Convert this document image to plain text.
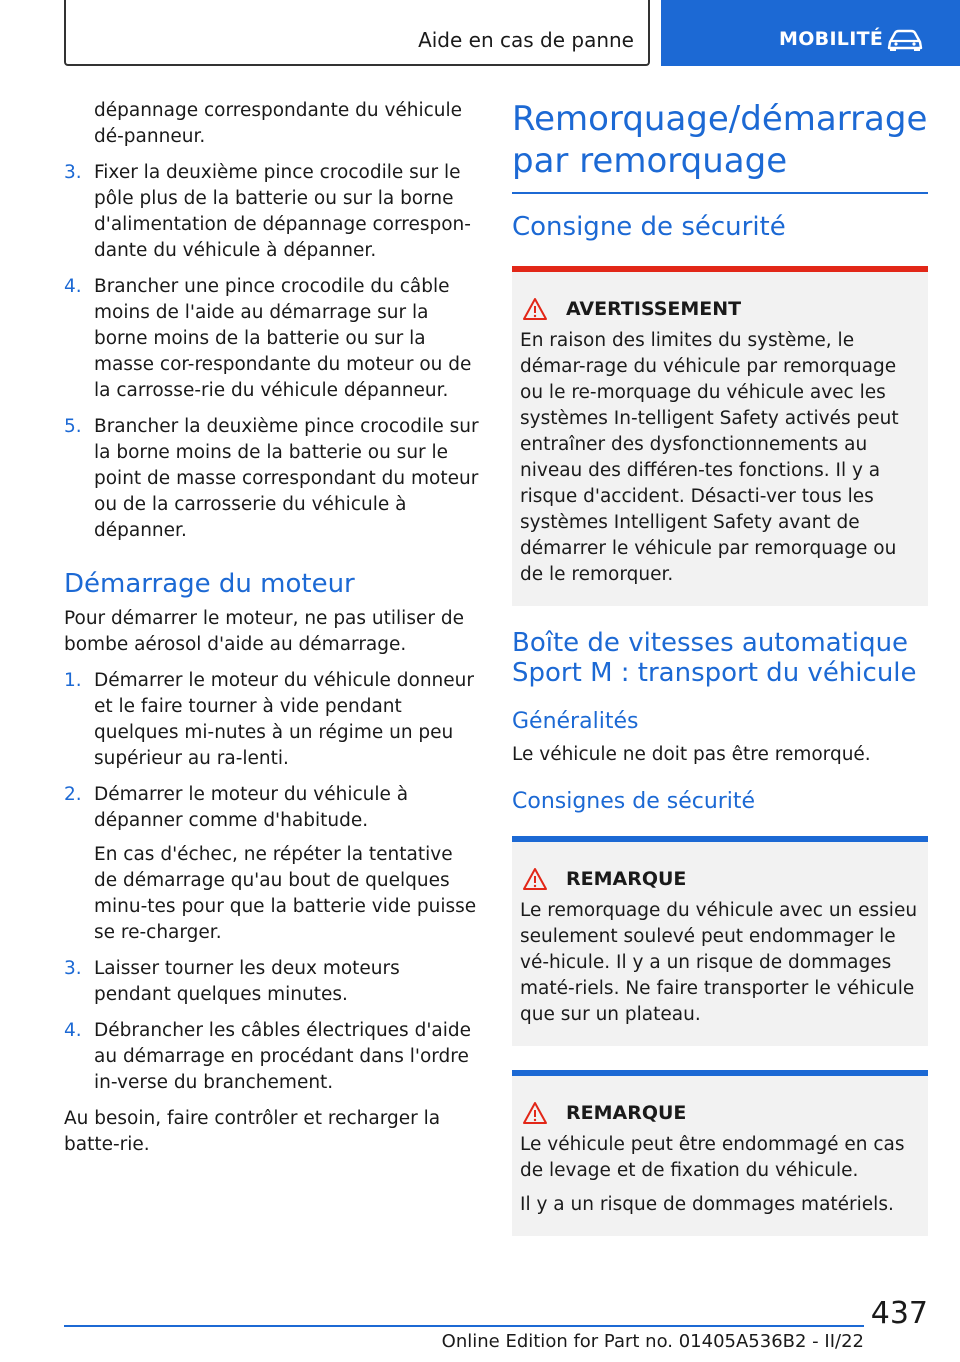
Aide en cas de panne	MOBILITÉ

dépannage correspondante du véhicule dé-panneur.

3. Fixer la deuxième pince crocodile sur le pôle plus de la batterie ou sur la borne d'alimentation de dépannage correspon-dante du véhicule à dépanner.
4. Brancher une pince crocodile du câble moins de l'aide au démarrage sur la borne moins de la batterie ou sur la masse cor-respondante du moteur ou de la carrosse-rie du véhicule dépanneur.
5. Brancher la deuxième pince crocodile sur la borne moins de la batterie ou sur le point de masse correspondant du moteur ou de la carrosserie du véhicule à dépanner.
Démarrage du moteur

Pour démarrer le moteur, ne pas utiliser de bombe aérosol d'aide au démarrage.

1. Démarrer le moteur du véhicule donneur et le faire tourner à vide pendant quelques mi-nutes à un régime un peu supérieur au ra-lenti.
2. Démarrer le moteur du véhicule à dépanner comme d'habitude.
En cas d'échec, ne répéter la tentative de démarrage qu'au bout de quelques minu-tes pour que la batterie vide puisse se re-charger.
3. Laisser tourner les deux moteurs pendant quelques minutes.
4. Débrancher les câbles électriques d'aide au démarrage en procédant dans l'ordre in-verse du branchement.

Au besoin, faire contrôler et recharger la batte-rie.

Remorquage/démarrage par remorquage
Consigne de sécurité
AVERTISSEMENT

En raison des limites du système, le démar-rage du véhicule par remorquage ou le re-morquage du véhicule avec les systèmes In-telligent Safety activés peut entraîner des dysfonctionnements au niveau des différen-tes fonctions. Il y a risque d'accident. Désacti-ver tous les systèmes Intelligent Safety avant de démarrer le véhicule par remorquage ou de le remorquer.

Boîte de vitesses automatique Sport M : transport du véhicule
Généralités

Le véhicule ne doit pas être remorqué.

Consignes de sécurité
REMARQUE

Le remorquage du véhicule avec un essieu seulement soulevé peut endommager le vé-hicule. Il y a un risque de dommages maté-riels. Ne faire transporter le véhicule que sur un plateau.

REMARQUE

Le véhicule peut être endommagé en cas de levage et de fixation du véhicule.

Il y a un risque de dommages matériels.

437
Online Edition for Part no. 01405A536B2 - II/22
